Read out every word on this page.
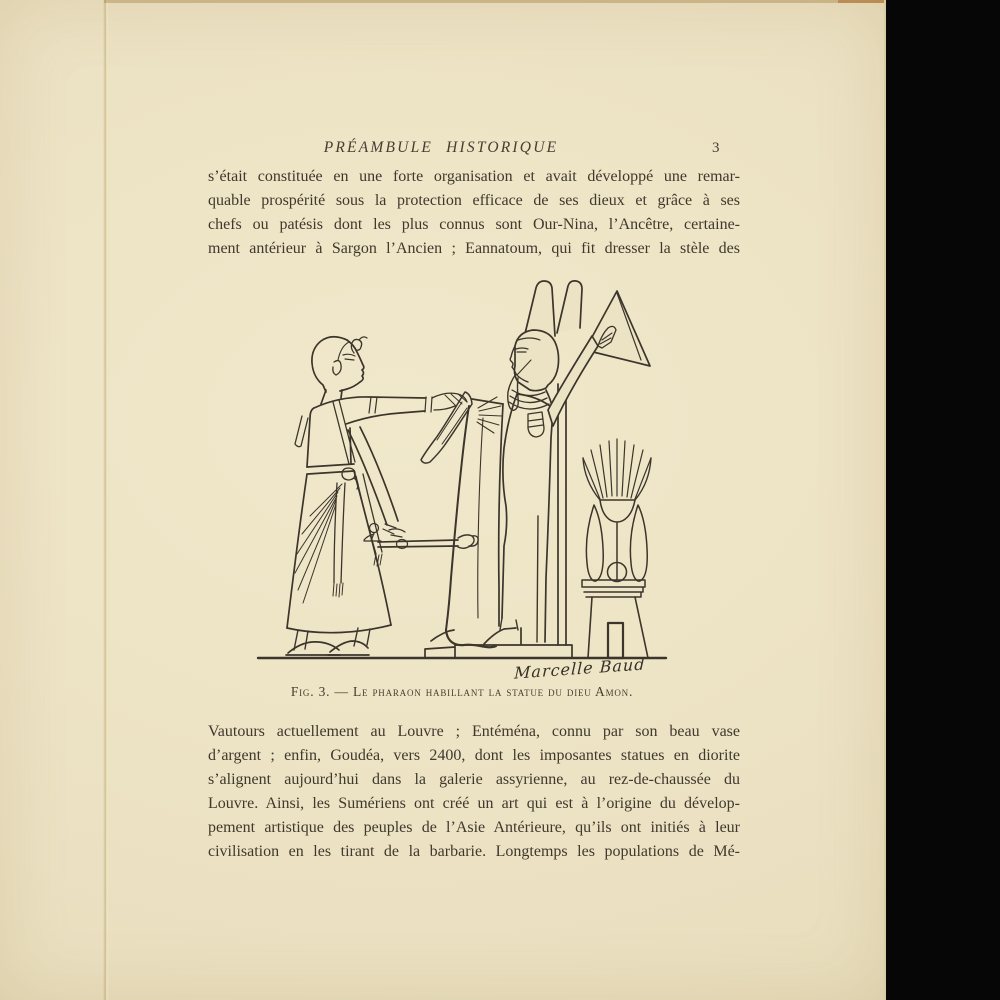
PRÉAMBULE HISTORIQUE	3
s’était constituée en une forte organisation et avait développé une remar-
quable prospérité sous la protection efficace de ses dieux et grâce à ses
chefs ou patésis dont les plus connus sont Our-Nina, l’Ancêtre, certaine-
ment antérieur à Sargon l’Ancien ; Eannatoum, qui fit dresser la stèle des
Marcelle Baud
Fig. 3. — Le pharaon habillant la statue du dieu Amon.
Vautours actuellement au Louvre ; Entéména, connu par son beau vase
d’argent ; enfin, Goudéa, vers 2400, dont les imposantes statues en diorite
s’alignent aujourd’hui dans la galerie assyrienne, au rez-de-chaussée du
Louvre. Ainsi, les Sumériens ont créé un art qui est à l’origine du dévelop-
pement artistique des peuples de l’Asie Antérieure, qu’ils ont initiés à leur
civilisation en les tirant de la barbarie. Longtemps les populations de Mé-
